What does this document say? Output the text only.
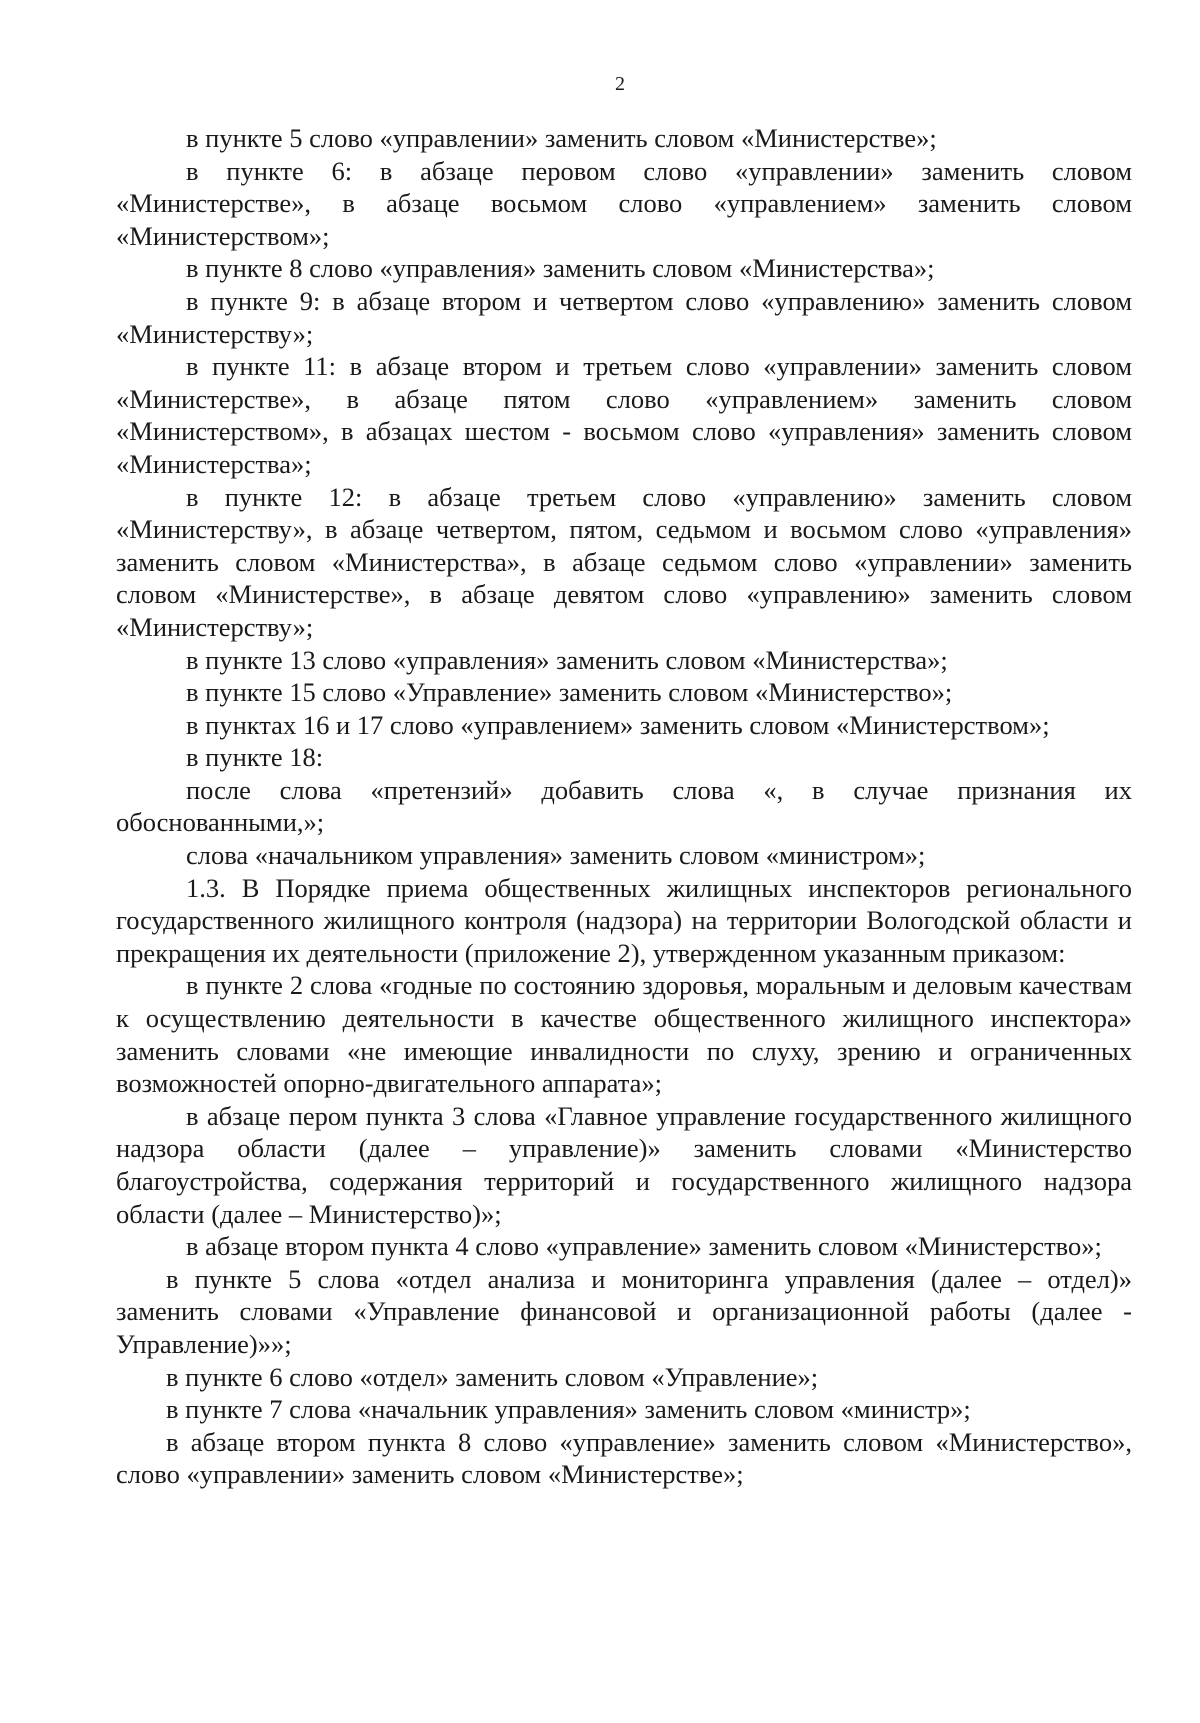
2

в пункте 5 слово «управлении» заменить словом «Министерстве»;

в пункте 6: в абзаце перовом слово «управлении» заменить словом «Министерстве», в абзаце восьмом слово «управлением» заменить словом «Министерством»;

в пункте 8 слово «управления» заменить словом «Министерства»;

в пункте 9: в абзаце втором и четвертом слово «управлению» заменить словом «Министерству»;

в пункте 11: в абзаце втором и третьем слово «управлении» заменить словом «Министерстве», в абзаце пятом слово «управлением» заменить словом «Министерством», в абзацах шестом - восьмом слово «управления» заменить словом «Министерства»;

в пункте 12: в абзаце третьем слово «управлению» заменить словом «Министерству», в абзаце четвертом, пятом, седьмом и восьмом слово «управления» заменить словом «Министерства», в абзаце седьмом слово «управлении» заменить словом «Министерстве», в абзаце девятом слово «управлению» заменить словом «Министерству»;

в пункте 13 слово «управления» заменить словом «Министерства»;

в пункте 15 слово «Управление» заменить словом «Министерство»;

в пунктах 16 и 17 слово «управлением» заменить словом «Министерством»;

в пункте 18:

после слова «претензий» добавить слова «, в случае признания их обоснованными,»;

слова «начальником управления» заменить словом «министром»;

1.3. В Порядке приема общественных жилищных инспекторов регионального государственного жилищного контроля (надзора) на территории Вологодской области и прекращения их деятельности (приложение 2), утвержденном указанным приказом:

в пункте 2 слова «годные по состоянию здоровья, моральным и деловым качествам к осуществлению деятельности в качестве общественного жилищного инспектора» заменить словами «не имеющие инвалидности по слуху, зрению и ограниченных возможностей опорно-двигательного аппарата»;

в абзаце пером пункта 3 слова «Главное управление государственного жилищного надзора области (далее – управление)» заменить словами «Министерство благоустройства, содержания территорий и государственного жилищного надзора области (далее – Министерство)»;

в абзаце втором пункта 4 слово «управление» заменить словом «Министерство»;

в пункте 5 слова «отдел анализа и мониторинга управления (далее – отдел)» заменить словами «Управление финансовой и организационной работы (далее - Управление)»»;

в пункте 6 слово «отдел» заменить словом «Управление»;

в пункте 7 слова «начальник управления» заменить словом «министр»;

в абзаце втором пункта 8 слово «управление» заменить словом «Министерство», слово «управлении» заменить словом «Министерстве»;
